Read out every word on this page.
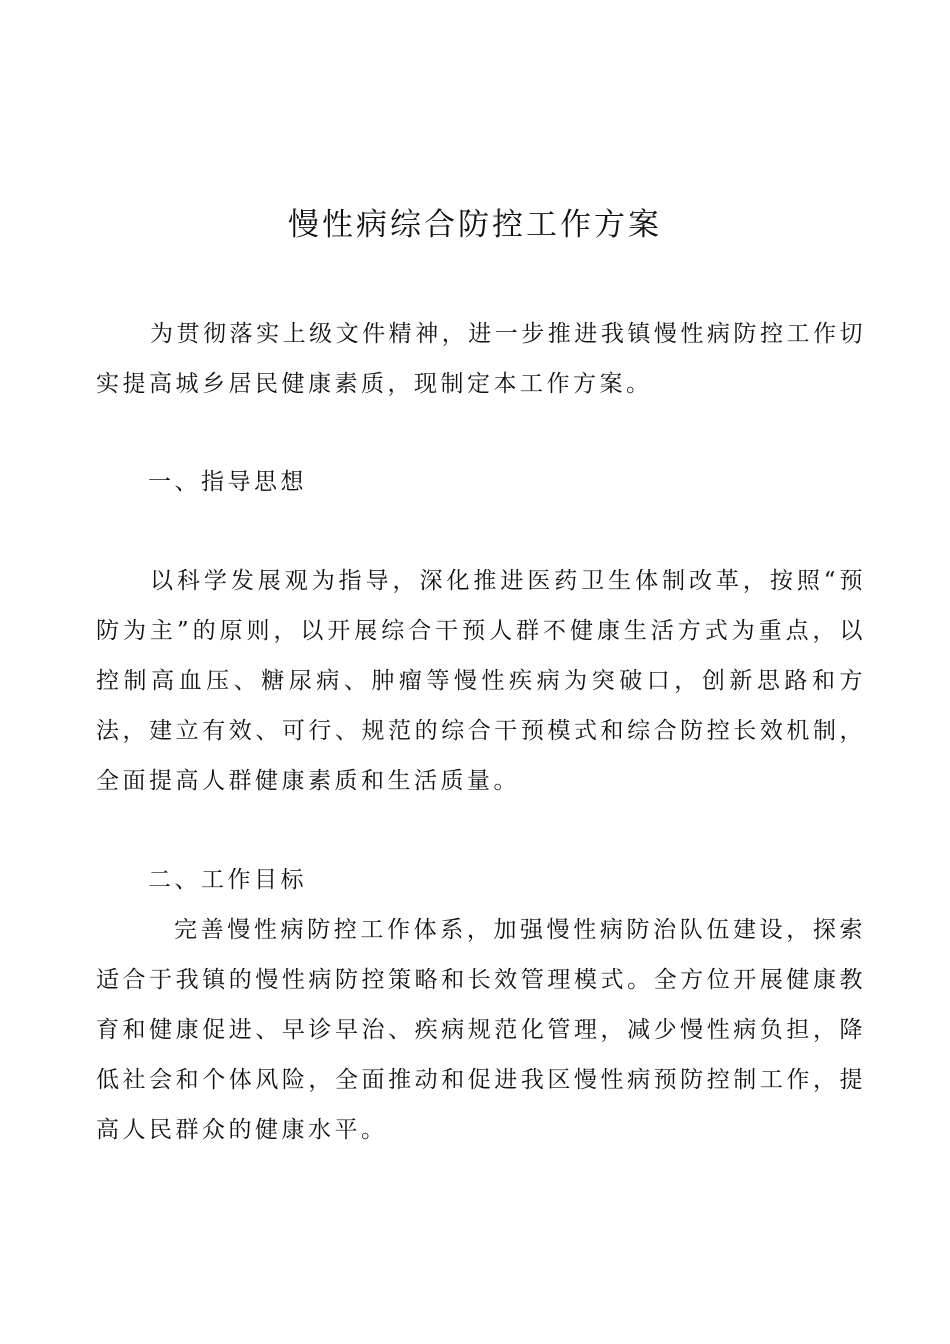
慢性病综合防控工作方案

为贯彻落实上级文件精神，进一步推进我镇慢性病防控工作切实提高城乡居民健康素质，现制定本工作方案。

一、指导思想

以科学发展观为指导，深化推进医药卫生体制改革，按照“预防为主”的原则，以开展综合干预人群不健康生活方式为重点，以控制高血压、糖尿病、肿瘤等慢性疾病为突破口，创新思路和方法，建立有效、可行、规范的综合干预模式和综合防控长效机制，全面提高人群健康素质和生活质量。

二、工作目标

完善慢性病防控工作体系，加强慢性病防治队伍建设，探索适合于我镇的慢性病防控策略和长效管理模式。全方位开展健康教育和健康促进、早诊早治、疾病规范化管理，减少慢性病负担，降低社会和个体风险，全面推动和促进我区慢性病预防控制工作，提高人民群众的健康水平。
